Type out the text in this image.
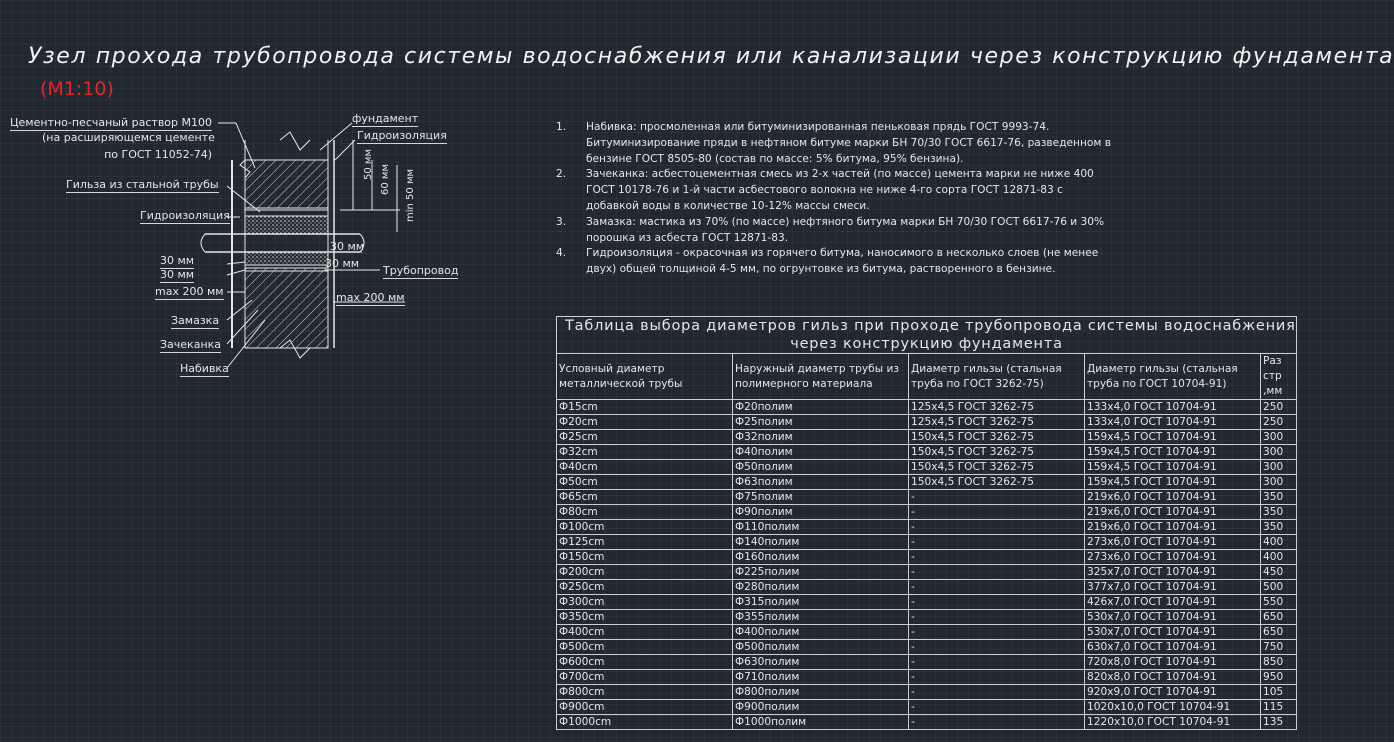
Узел прохода трубопровода системы водоснабжения или канализации через конструкцию фундамента
(М1:10)
Цементно-песчаный раствор М100
(на расширяющемся цементе
по ГОСТ 11052-74)
Гильза из стальной трубы
Гидроизоляция
30 мм
30 мм
max 200 мм
Замазка
Зачеканка
Набивка
фундамент
Гидроизоляция
50 мм 60 мм min 50 мм
30 мм
30 мм
Трубопровод
max 200 мм
1. Набивка: просмоленная или битуминизированная пеньковая прядь ГОСТ 9993-74.
Битуминизирование пряди в нефтяном битуме марки БН 70/30 ГОСТ 6617-76, разведенном в
бензине ГОСТ 8505-80 (состав по массе: 5% битума, 95% бензина).
2. Зачеканка: асбестоцементная смесь из 2-х частей (по массе) цемента марки не ниже 400
ГОСТ 10178-76 и 1-й части асбестового волокна не ниже 4-го сорта ГОСТ 12871-83 с
добавкой воды в количестве 10-12% массы смеси.
3. Замазка: мастика из 70% (по массе) нефтяного битума марки БН 70/30 ГОСТ 6617-76 и 30%
порошка из асбеста ГОСТ 12871-83.
4. Гидроизоляция - окрасочная из горячего битума, наносимого в несколько слоев (не менее
двух) общей толщиной 4-5 мм, по огрунтовке из битума, растворенного в бензине.
Таблица выбора диаметров гильз при проходе трубопровода системы водоснабжения
через конструкцию фундамента				

Условный диаметр металлической трубы	Наружный диаметр трубы из полимерного материала	Диаметр гильзы (стальная труба по ГОСТ 3262-75)	Диаметр гильзы (стальная труба по ГОСТ 10704-91)	Раз стр ,мм
Ф15cm	Ф20полим	125х4,5 ГОСТ 3262-75	133х4,0 ГОСТ 10704-91	250
Ф20cm	Ф25полим	125х4,5 ГОСТ 3262-75	133х4,0 ГОСТ 10704-91	250
Ф25cm	Ф32полим	150х4,5 ГОСТ 3262-75	159х4,5 ГОСТ 10704-91	300
Ф32cm	Ф40полим	150х4,5 ГОСТ 3262-75	159х4,5 ГОСТ 10704-91	300
Ф40cm	Ф50полим	150х4,5 ГОСТ 3262-75	159х4,5 ГОСТ 10704-91	300
Ф50cm	Ф63полим	150х4,5 ГОСТ 3262-75	159х4,5 ГОСТ 10704-91	300
Ф65cm	Ф75полим	-	219х6,0 ГОСТ 10704-91	350
Ф80cm	Ф90полим	-	219х6,0 ГОСТ 10704-91	350
Ф100cm	Ф110полим	-	219х6,0 ГОСТ 10704-91	350
Ф125cm	Ф140полим	-	273х6,0 ГОСТ 10704-91	400
Ф150cm	Ф160полим	-	273х6,0 ГОСТ 10704-91	400
Ф200cm	Ф225полим	-	325х7,0 ГОСТ 10704-91	450
Ф250cm	Ф280полим	-	377х7,0 ГОСТ 10704-91	500
Ф300cm	Ф315полим	-	426х7,0 ГОСТ 10704-91	550
Ф350cm	Ф355полим	-	530х7,0 ГОСТ 10704-91	650
Ф400cm	Ф400полим	-	530х7,0 ГОСТ 10704-91	650
Ф500cm	Ф500полим	-	630х7,0 ГОСТ 10704-91	750
Ф600cm	Ф630полим	-	720х8,0 ГОСТ 10704-91	850
Ф700cm	Ф710полим	-	820х8,0 ГОСТ 10704-91	950
Ф800cm	Ф800полим	-	920х9,0 ГОСТ 10704-91	105
Ф900cm	Ф900полим	-	1020х10,0 ГОСТ 10704-91	115
Ф1000cm	Ф1000полим	-	1220х10,0 ГОСТ 10704-91	135
